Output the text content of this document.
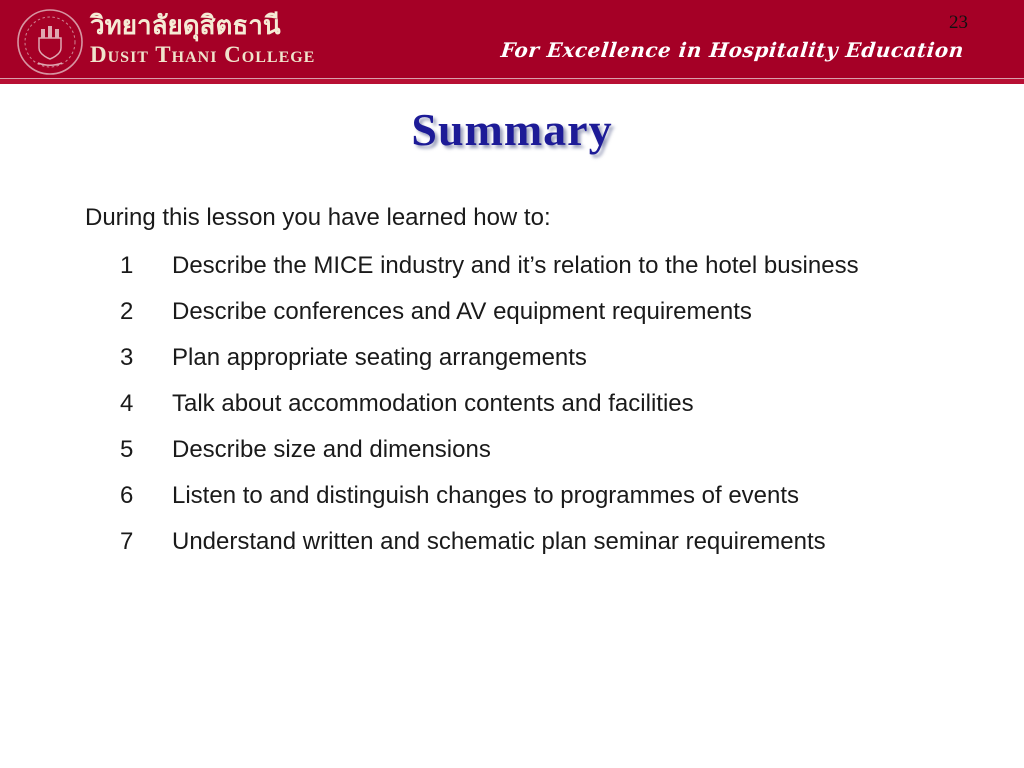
วิทยาลัยดุสิตธานี
Dusit Thani College
23
For Excellence in Hospitality Education
Summary

During this lesson you have learned how to:

1	Describe the MICE industry and it’s relation to the hotel business
2	Describe conferences and AV equipment requirements
3	Plan appropriate seating arrangements
4	Talk about accommodation contents and facilities
5	Describe size and dimensions
6	Listen to and distinguish changes to programmes of events
7	Understand written and schematic plan seminar requirements
